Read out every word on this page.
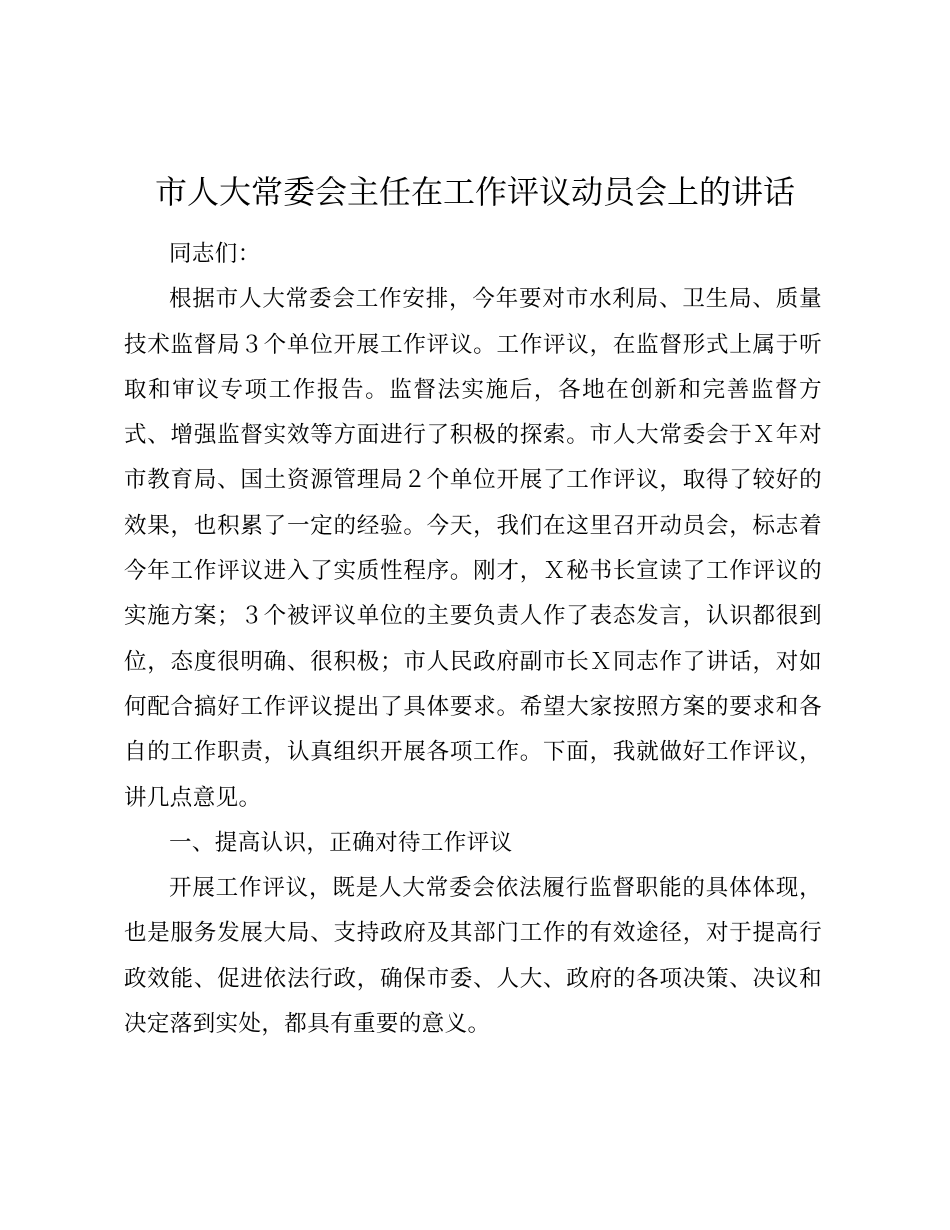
市人大常委会主任在工作评议动员会上的讲话

同志们：

根据市人大常委会工作安排，今年要对市水利局、卫生局、质量技术监督局３个单位开展工作评议。工作评议，在监督形式上属于听取和审议专项工作报告。监督法实施后，各地在创新和完善监督方式、增强监督实效等方面进行了积极的探索。市人大常委会于Ｘ年对市教育局、国土资源管理局２个单位开展了工作评议，取得了较好的效果，也积累了一定的经验。今天，我们在这里召开动员会，标志着今年工作评议进入了实质性程序。刚才，Ｘ秘书长宣读了工作评议的实施方案；３个被评议单位的主要负责人作了表态发言，认识都很到位，态度很明确、很积极；市人民政府副市长Ｘ同志作了讲话，对如何配合搞好工作评议提出了具体要求。希望大家按照方案的要求和各自的工作职责，认真组织开展各项工作。下面，我就做好工作评议，讲几点意见。

一、提高认识，正确对待工作评议

开展工作评议，既是人大常委会依法履行监督职能的具体体现，也是服务发展大局、支持政府及其部门工作的有效途径，对于提高行政效能、促进依法行政，确保市委、人大、政府的各项决策、决议和决定落到实处，都具有重要的意义。
